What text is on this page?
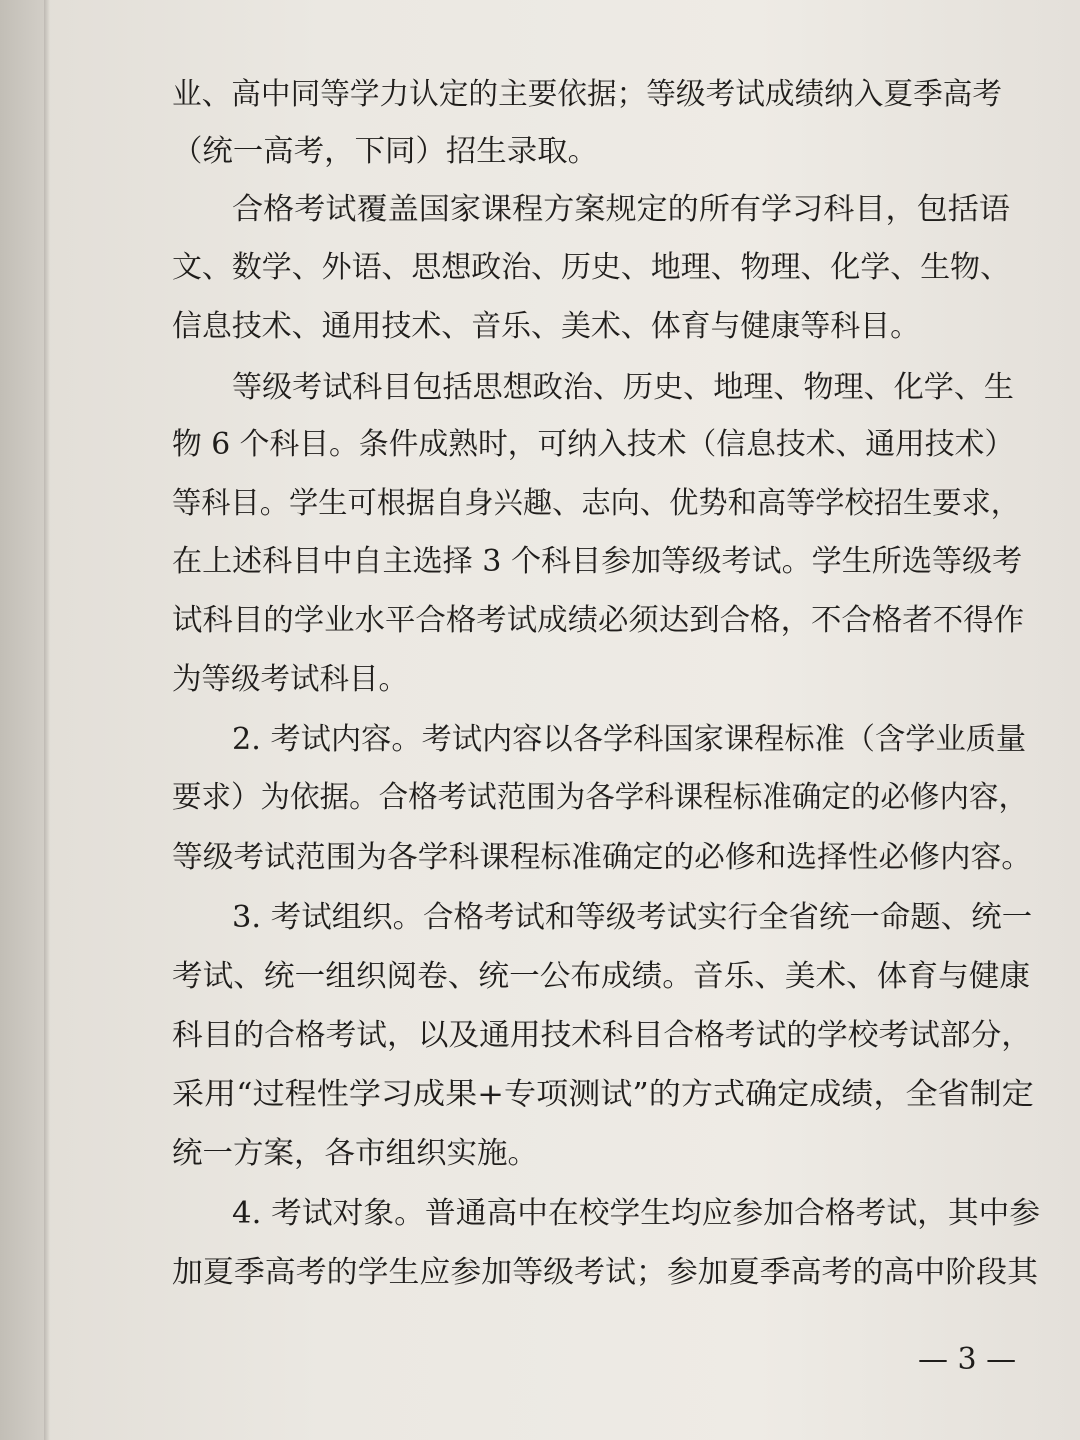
业、高中同等学力认定的主要依据；等级考试成绩纳入夏季高考

（统一高考，下同）招生录取。

合格考试覆盖国家课程方案规定的所有学习科目，包括语

文、数学、外语、思想政治、历史、地理、物理、化学、生物、

信息技术、通用技术、音乐、美术、体育与健康等科目。

等级考试科目包括思想政治、历史、地理、物理、化学、生

物 6 个科目。条件成熟时，可纳入技术（信息技术、通用技术）

等科目。学生可根据自身兴趣、志向、优势和高等学校招生要求，

在上述科目中自主选择 3 个科目参加等级考试。学生所选等级考

试科目的学业水平合格考试成绩必须达到合格，不合格者不得作

为等级考试科目。

2. 考试内容。考试内容以各学科国家课程标准（含学业质量

要求）为依据。合格考试范围为各学科课程标准确定的必修内容，

等级考试范围为各学科课程标准确定的必修和选择性必修内容。

3. 考试组织。合格考试和等级考试实行全省统一命题、统一

考试、统一组织阅卷、统一公布成绩。音乐、美术、体育与健康

科目的合格考试，以及通用技术科目合格考试的学校考试部分，

采用“过程性学习成果+专项测试”的方式确定成绩，全省制定

统一方案，各市组织实施。

4. 考试对象。普通高中在校学生均应参加合格考试，其中参

加夏季高考的学生应参加等级考试；参加夏季高考的高中阶段其

— 3 —
